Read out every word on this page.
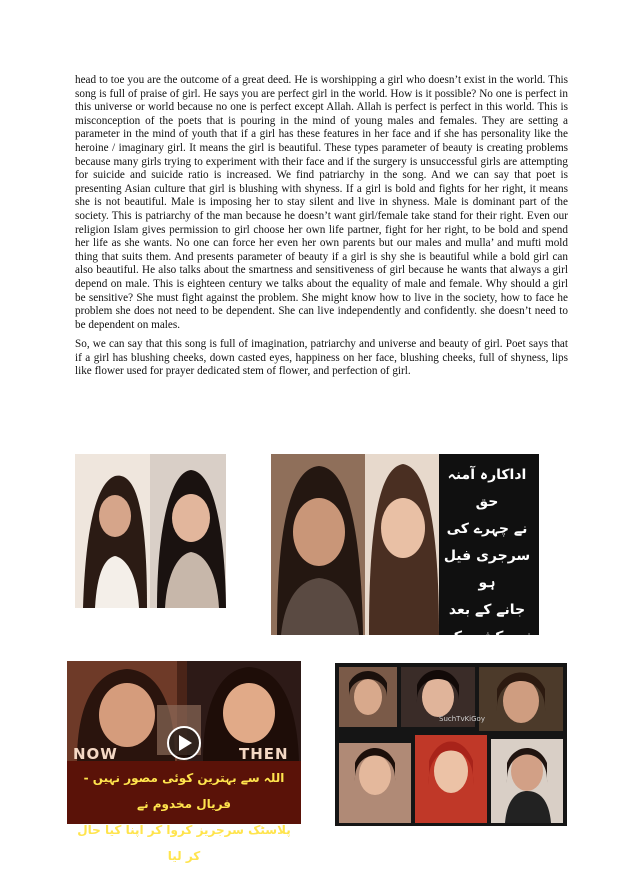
head to toe you are the outcome of a great deed. He is worshipping a girl who doesn’t exist in the world. This song is full of praise of girl. He says you are perfect girl in the world. How is it possible? No one is perfect in this universe or world because no one is perfect except Allah. Allah is perfect is perfect in this world. This is misconception of the poets that is pouring in the mind of young males and females. They are setting a parameter in the mind of youth that if a girl has these features in her face and if she has personality like the heroine / imaginary girl. It means the girl is beautiful. These types parameter of beauty is creating problems because many girls trying to experiment with their face and if the surgery is unsuccessful girls are attempting for suicide and suicide ratio is increased. We find patriarchy in the song. And we can say that poet is presenting Asian culture that girl is blushing with shyness. If a girl is bold and fights for her right, it means she is not beautiful. Male is imposing her to stay silent and live in shyness. Male is dominant part of the society. This is patriarchy of the man because he doesn’t want girl/female take stand for their right. Even our religion Islam gives permission to girl choose her own life partner, fight for her right, to be bold and spend her life as she wants. No one can force her even her own parents but our males and mulla’ and mufti mold thing that suits them. And presents parameter of beauty if a girl is shy she is beautiful while a bold girl can also beautiful. He also talks about the smartness and sensitiveness of girl because he wants that always a girl depend on male. This is eighteen century we talks about the equality of male and female. Why should a girl be sensitive? She must fight against the problem. She might know how to live in the society, how to face he problem she does not need to be dependent. She can live independently and confidently. she doesn’t need to be dependent on males.

So, we can say that this song is full of imagination, patriarchy and universe and beauty of girl. Poet says that if a girl has blushing cheeks, down casted eyes, happiness on her face, blushing cheeks, full of shyness, lips like flower used for prayer dedicated stem of flower, and perfection of girl.

اداکارہ آمنہ حق
نے چہرے کی
سرجری فیل ہو
جانے کے بعد
خود کشی کی
NOW	THEN
اللہ سے بہترین کوئی مصور نہیں - فریال مخدوم نے
پلاسٹک سرجریز کروا کر اپنا کیا حال کر لیا
SuchTvKiGoy
